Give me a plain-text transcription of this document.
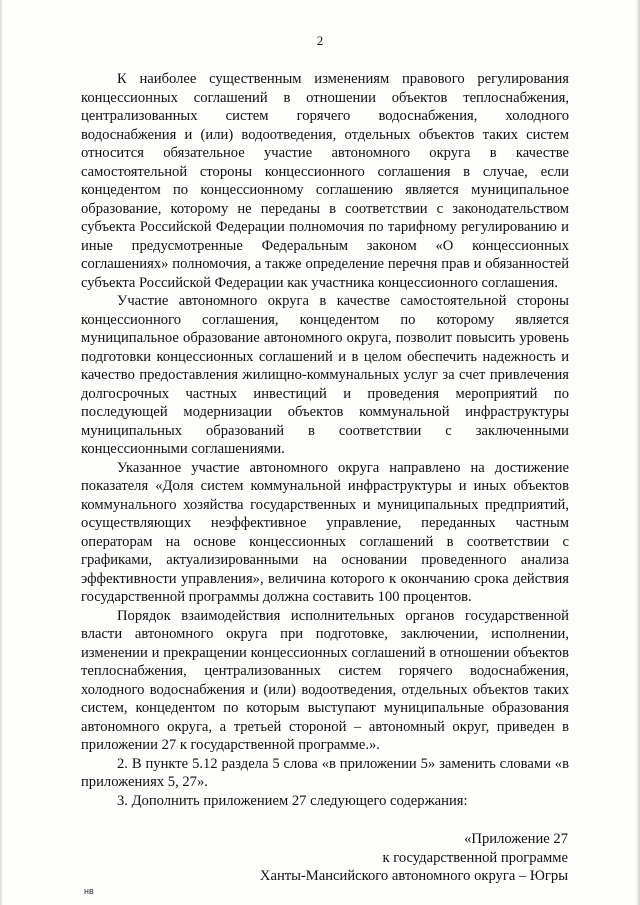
2

К наиболее существенным изменениям правового регулирования концессионных соглашений в отношении объектов теплоснабжения, централизованных систем горячего водоснабжения, холодного водоснабжения и (или) водоотведения, отдельных объектов таких систем относится обязательное участие автономного округа в качестве самостоятельной стороны концессионного соглашения в случае, если концедентом по концессионному соглашению является муниципальное образование, которому не переданы в соответствии с законодательством субъекта Российской Федерации полномочия по тарифному регулированию и иные предусмотренные Федеральным законом «О концессионных соглашениях» полномочия, а также определение перечня прав и обязанностей субъекта Российской Федерации как участника концессионного соглашения.

Участие автономного округа в качестве самостоятельной стороны концессионного соглашения, концедентом по которому является муниципальное образование автономного округа, позволит повысить уровень подготовки концессионных соглашений и в целом обеспечить надежность и качество предоставления жилищно-коммунальных услуг за счет привлечения долгосрочных частных инвестиций и проведения мероприятий по последующей модернизации объектов коммунальной инфраструктуры муниципальных образований в соответствии с заключенными концессионными соглашениями.

Указанное участие автономного округа направлено на достижение показателя «Доля систем коммунальной инфраструктуры и иных объектов коммунального хозяйства государственных и муниципальных предприятий, осуществляющих неэффективное управление, переданных частным операторам на основе концессионных соглашений в соответствии с графиками, актуализированными на основании проведенного анализа эффективности управления», величина которого к окончанию срока действия государственной программы должна составить 100 процентов.

Порядок взаимодействия исполнительных органов государственной власти автономного округа при подготовке, заключении, исполнении, изменении и прекращении концессионных соглашений в отношении объектов теплоснабжения, централизованных систем горячего водоснабжения, холодного водоснабжения и (или) водоотведения, отдельных объектов таких систем, концедентом по которым выступают муниципальные образования автономного округа, а третьей стороной – автономный округ, приведен в приложении 27 к государственной программе.».

2. В пункте 5.12 раздела 5 слова «в приложении 5» заменить словами «в приложениях 5, 27».

3. Дополнить приложением 27 следующего содержания:

«Приложение 27
к государственной программе
Ханты-Мансийского автономного округа – Югры
нв
